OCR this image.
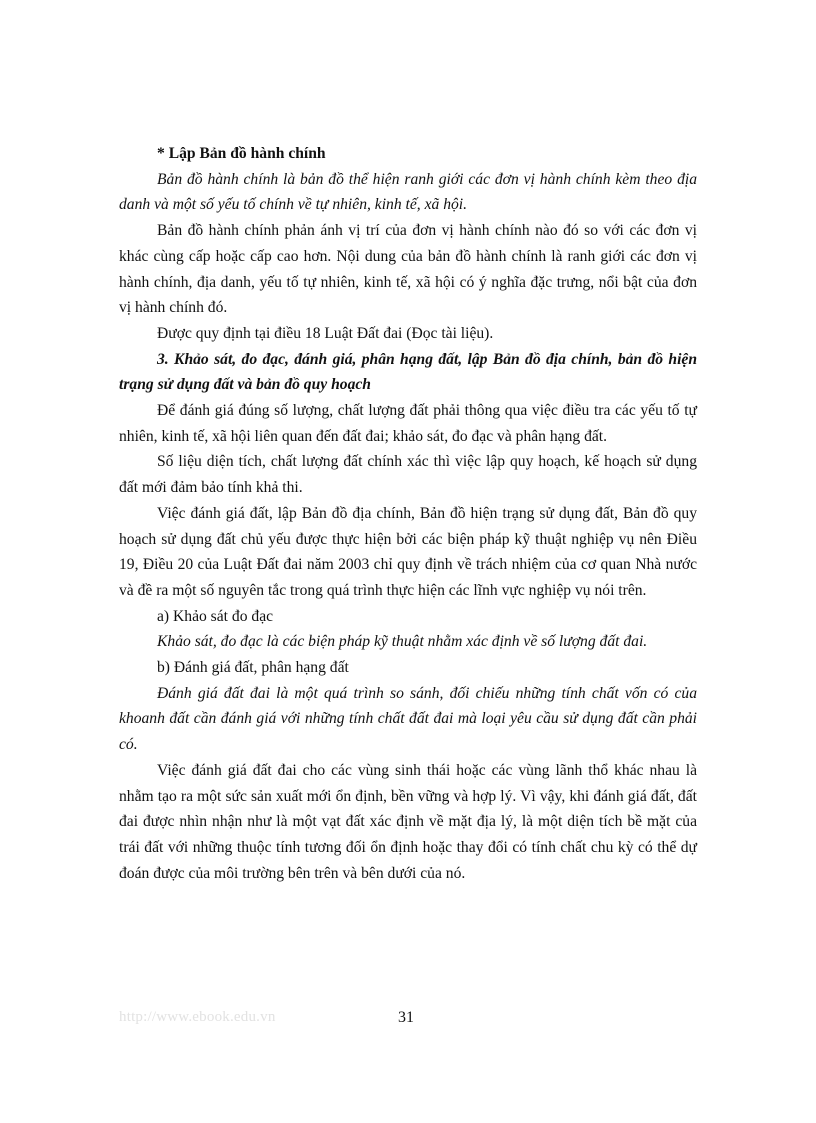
* Lập Bản đồ hành chính

Bản đồ hành chính là bản đồ thể hiện ranh giới các đơn vị hành chính kèm theo địa danh và một số yếu tố chính về tự nhiên, kinh tế, xã hội.

Bản đồ hành chính phản ánh vị trí của đơn vị hành chính nào đó so với các đơn vị khác cùng cấp hoặc cấp cao hơn. Nội dung của bản đồ hành chính là ranh giới các đơn vị hành chính, địa danh, yếu tố tự nhiên, kinh tế, xã hội có ý nghĩa đặc trưng, nổi bật của đơn vị hành chính đó.

Được quy định tại điều 18 Luật Đất đai (Đọc tài liệu).

3. Khảo sát, đo đạc, đánh giá, phân hạng đất, lập Bản đồ địa chính, bản đồ hiện trạng sử dụng đất và bản đồ quy hoạch

Để đánh giá đúng số lượng, chất lượng đất phải thông qua việc điều tra các yếu tố tự nhiên, kinh tế, xã hội liên quan đến đất đai; khảo sát, đo đạc và phân hạng đất.

Số liệu diện tích, chất lượng đất chính xác thì việc lập quy hoạch, kế hoạch sử dụng đất mới đảm bảo tính khả thi.

Việc đánh giá đất, lập Bản đồ địa chính, Bản đồ hiện trạng sử dụng đất, Bản đồ quy hoạch sử dụng đất chủ yếu được thực hiện bởi các biện pháp kỹ thuật nghiệp vụ nên Điều 19, Điều 20 của Luật Đất đai năm 2003 chỉ quy định về trách nhiệm của cơ quan Nhà nước và đề ra một số nguyên tắc trong quá trình thực hiện các lĩnh vực nghiệp vụ nói trên.

a) Khảo sát đo đạc

Khảo sát, đo đạc là các biện pháp kỹ thuật nhằm xác định về số lượng đất đai.

b) Đánh giá đất, phân hạng đất

Đánh giá đất đai là một quá trình so sánh, đối chiếu những tính chất vốn có của khoanh đất cần đánh giá với những tính chất đất đai mà loại yêu cầu sử dụng đất cần phải có.

Việc đánh giá đất đai cho các vùng sinh thái hoặc các vùng lãnh thổ khác nhau là nhằm tạo ra một sức sản xuất mới ổn định, bền vững và hợp lý. Vì vậy, khi đánh giá đất, đất đai được nhìn nhận như là một vạt đất xác định về mặt địa lý, là một diện tích bề mặt của trái đất với những thuộc tính tương đối ổn định hoặc thay đổi có tính chất chu kỳ có thể dự đoán được của môi trường bên trên và bên dưới của nó.

http://www.ebook.edu.vn	31
